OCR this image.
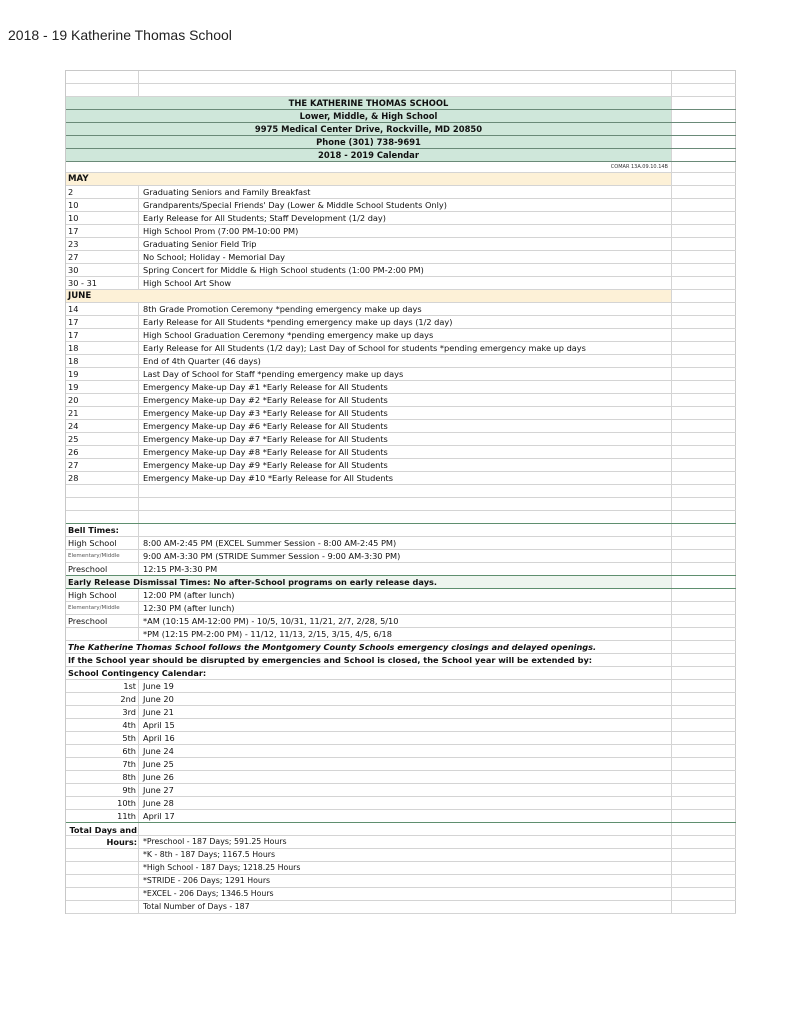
2018 - 19 Katherine Thomas School
THE KATHERINE THOMAS SCHOOL
Lower, Middle, & High School
9975 Medical Center Drive, Rockville, MD 20850
Phone (301) 738-9691
2018 - 2019 Calendar
COMAR 13A.09.10.14B
MAY
2	Graduating Seniors and Family Breakfast
10	Grandparents/Special Friends' Day (Lower & Middle School Students Only)
10	Early Release for All Students; Staff Development (1/2 day)
17	High School Prom (7:00 PM-10:00 PM)
23	Graduating Senior Field Trip
27	No School; Holiday - Memorial Day
30	Spring Concert for Middle & High School students (1:00 PM-2:00 PM)
30 - 31	High School Art Show
JUNE
14	8th Grade Promotion Ceremony *pending emergency make up days
17	Early Release for All Students *pending emergency make up days (1/2 day)
17	High School Graduation Ceremony *pending emergency make up days
18	Early Release for All Students (1/2 day); Last Day of School for students *pending emergency make up days
18	End of 4th Quarter (46 days)
19	Last Day of School for Staff *pending emergency make up days
19	Emergency Make-up Day #1 *Early Release for All Students
20	Emergency Make-up Day #2 *Early Release for All Students
21	Emergency Make-up Day #3 *Early Release for All Students
24	Emergency Make-up Day #6 *Early Release for All Students
25	Emergency Make-up Day #7 *Early Release for All Students
26	Emergency Make-up Day #8 *Early Release for All Students
27	Emergency Make-up Day #9 *Early Release for All Students
28	Emergency Make-up Day #10 *Early Release for All Students
Bell Times:
High School	8:00 AM-2:45 PM (EXCEL Summer Session - 8:00 AM-2:45 PM)
Elementary/Middle	9:00 AM-3:30 PM (STRIDE Summer Session - 9:00 AM-3:30 PM)
Preschool	12:15 PM-3:30 PM
Early Release Dismissal Times: No after-School programs on early release days.
High School	12:00 PM (after lunch)
Elementary/Middle	12:30 PM (after lunch)
Preschool	*AM (10:15 AM-12:00 PM) - 10/5, 10/31, 11/21, 2/7, 2/28, 5/10
*PM (12:15 PM-2:00 PM) - 11/12, 11/13, 2/15, 3/15, 4/5, 6/18
The Katherine Thomas School follows the Montgomery County Schools emergency closings and delayed openings.
If the School year should be disrupted by emergencies and School is closed, the School year will be extended by:
School Contingency Calendar:
1st June 19
2nd June 20
3rd June 21
4th April 15
5th April 16
6th June 24
7th June 25
8th June 26
9th June 27
10th June 28
11th April 17
Total Days and Hours: *Preschool - 187 Days; 591.25 Hours
*K - 8th - 187 Days; 1167.5 Hours
*High School - 187 Days; 1218.25 Hours
*STRIDE - 206 Days; 1291 Hours
*EXCEL - 206 Days; 1346.5 Hours
Total Number of Days - 187
